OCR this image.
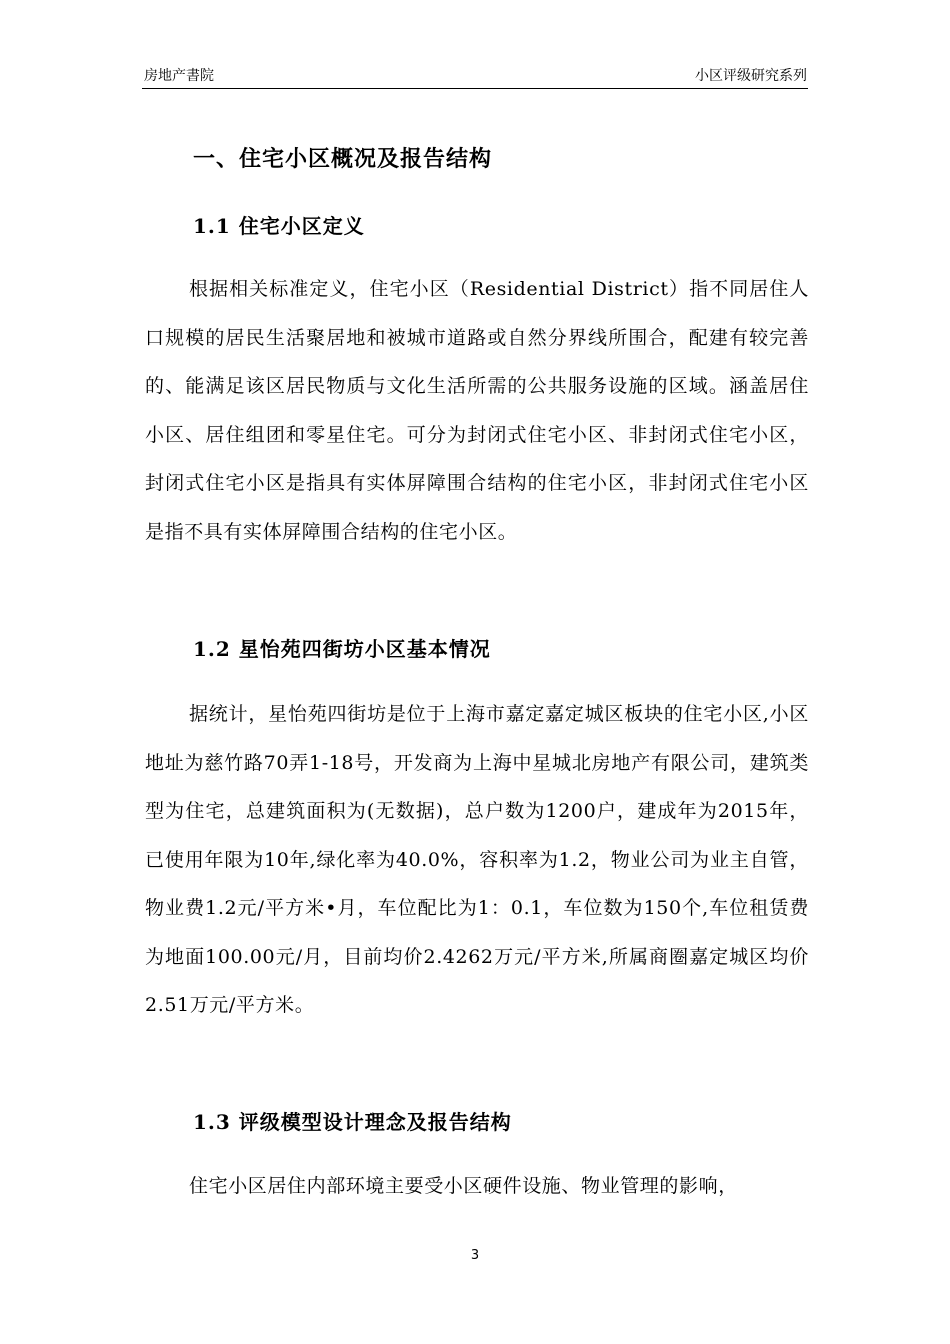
房地产書院	小区评级研究系列
一、住宅小区概况及报告结构
1.1 住宅小区定义
根据相关标准定义，住宅小区（Residential District）指不同居住人口规模的居民生活聚居地和被城市道路或自然分界线所围合，配建有较完善的、能满足该区居民物质与文化生活所需的公共服务设施的区域。涵盖居住小区、居住组团和零星住宅。可分为封闭式住宅小区、非封闭式住宅小区，封闭式住宅小区是指具有实体屏障围合结构的住宅小区，非封闭式住宅小区是指不具有实体屏障围合结构的住宅小区。
1.2 星怡苑四街坊小区基本情况
据统计，星怡苑四街坊是位于上海市嘉定嘉定城区板块的住宅小区,小区地址为慈竹路70弄1-18号，开发商为上海中星城北房地产有限公司，建筑类型为住宅，总建筑面积为(无数据)，总户数为1200户，建成年为2015年，已使用年限为10年,绿化率为40.0%，容积率为1.2，物业公司为业主自管，物业费1.2元/平方米•月，车位配比为1：0.1，车位数为150个,车位租赁费为地面100.00元/月，目前均价2.4262万元/平方米,所属商圈嘉定城区均价2.51万元/平方米。
1.3 评级模型设计理念及报告结构
住宅小区居住内部环境主要受小区硬件设施、物业管理的影响，
3
